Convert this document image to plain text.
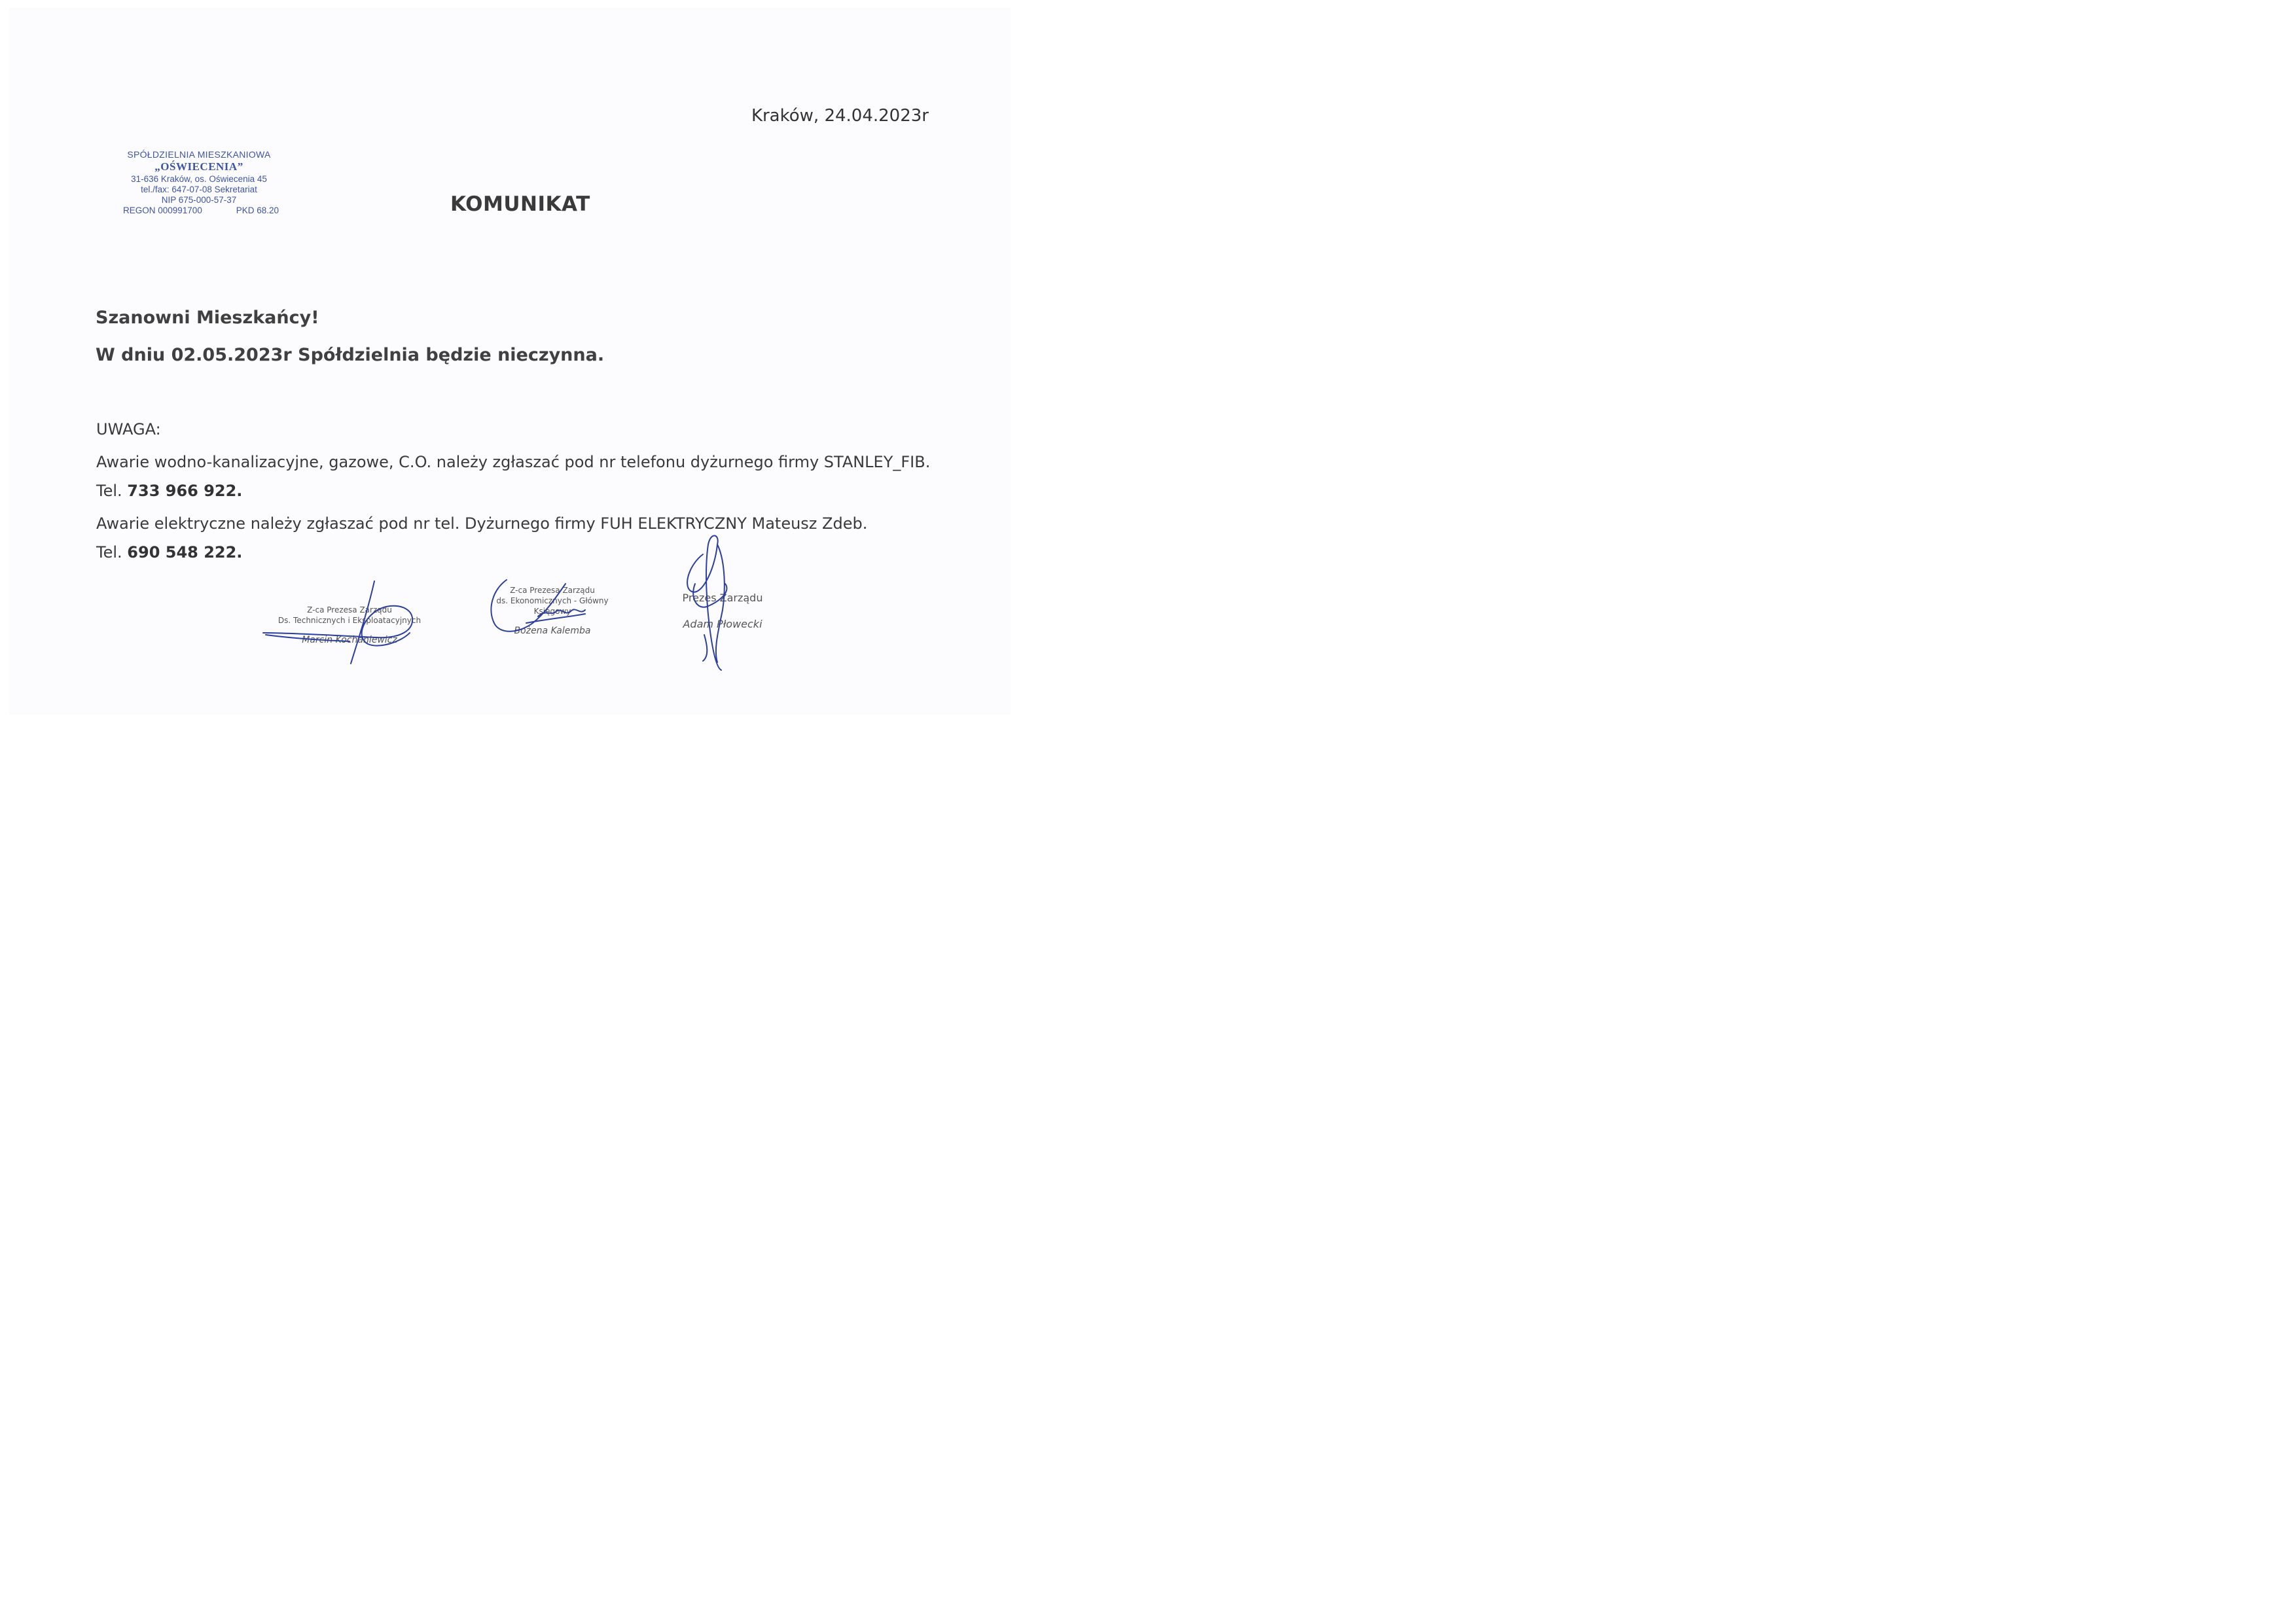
Kraków, 24.04.2023r
SPÓŁDZIELNIA MIESZKANIOWA
„OŚWIECENIA”
31-636 Kraków, os. Oświecenia 45
tel./fax: 647-07-08 Sekretariat
NIP 675-000-57-37
REGON 000991700	PKD 68.20	KOMUNIKAT
Szanowni Mieszkańcy!
W dniu 02.05.2023r Spółdzielnia będzie nieczynna.
UWAGA:
Awarie wodno-kanalizacyjne, gazowe, C.O. należy zgłaszać pod nr telefonu dyżurnego firmy STANLEY_FIB.
Tel. 733 966 922.
Awarie elektryczne należy zgłaszać pod nr tel. Dyżurnego firmy FUH ELEKTRYCZNY Mateusz Zdeb.
Tel. 690 548 222.
Z-ca Prezesa Zarządu
Ds. Technicznych i Eksploatacyjnych
Marcin Kochaniewicz
Z-ca Prezesa Zarządu
ds. Ekonomicznych - Główny Księgowy
Bożena Kalemba
Prezes Zarządu
Adam Płowecki
